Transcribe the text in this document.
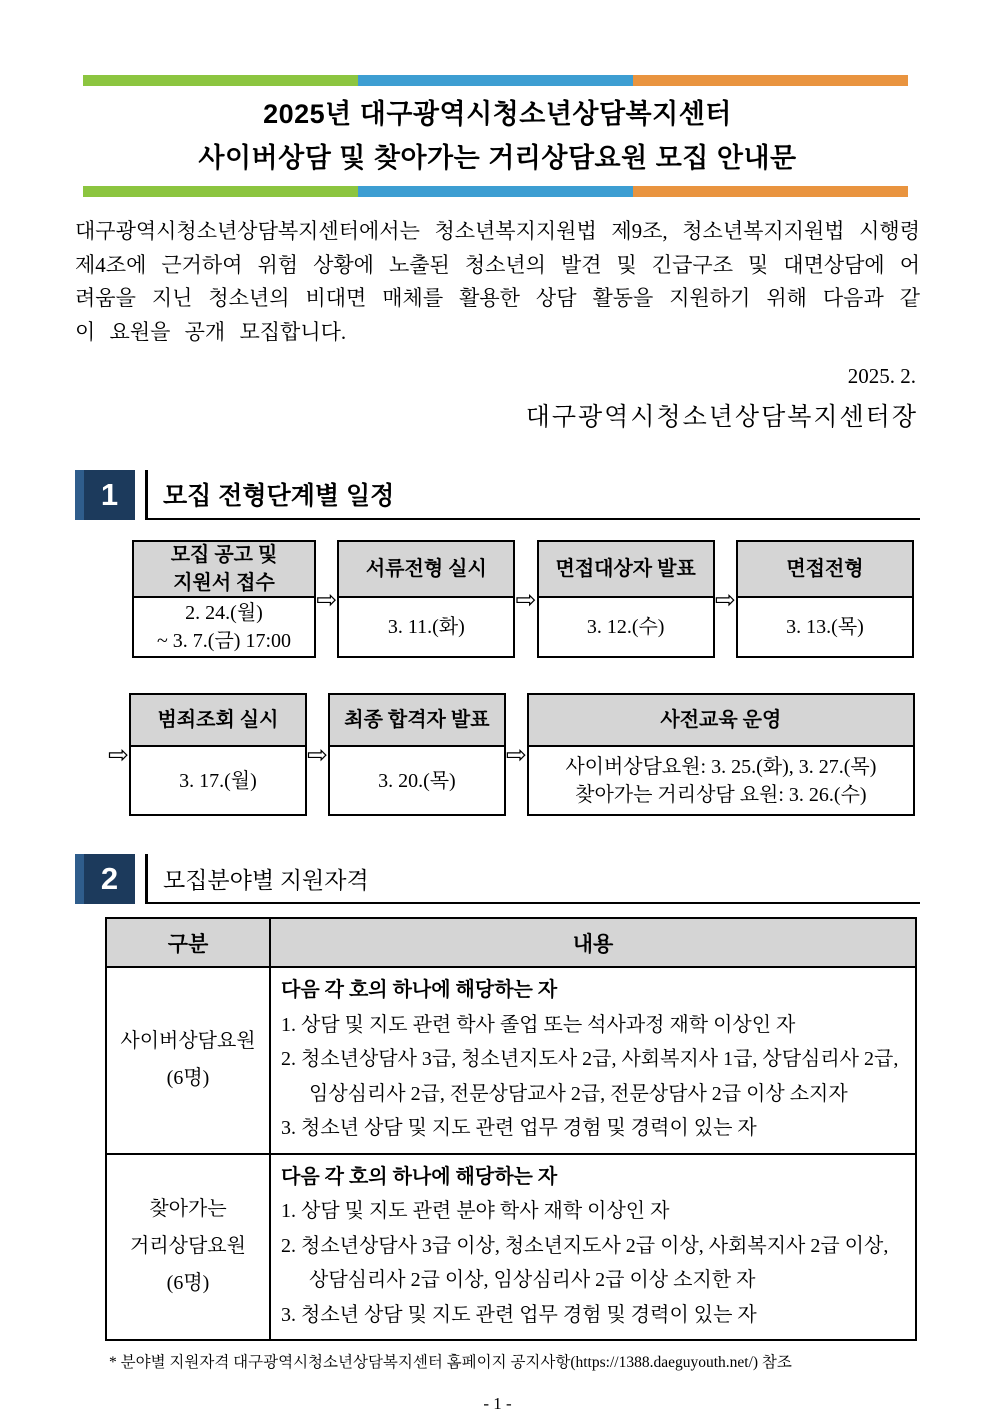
2025년 대구광역시청소년상담복지센터
사이버상담 및 찾아가는 거리상담요원 모집 안내문

대구광역시청소년상담복지센터에서는 청소년복지지원법 제9조, 청소년복지지원법 시행령 제4조에 근거하여 위험 상황에 노출된 청소년의 발견 및 긴급구조 및 대면상담에 어려움을 지닌 청소년의 비대면 매체를 활용한 상담 활동을 지원하기 위해 다음과 같이 요원을 공개 모집합니다.

2025. 2.
대구광역시청소년상담복지센터장
1	모집 전형단계별 일정
모집 공고 및
지원서 접수
2. 24.(월)
~ 3. 7.(금) 17:00
⇨
서류전형 실시
3. 11.(화)
⇨
면접대상자 발표
3. 12.(수)
⇨
면접전형
3. 13.(목)
⇨
범죄조회 실시
3. 17.(월)
⇨
최종 합격자 발표
3. 20.(목)
⇨
사전교육 운영
사이버상담요원: 3. 25.(화), 3. 27.(목)
찾아가는 거리상담 요원: 3. 26.(수)
2	모집분야별 지원자격
구분	내용

사이버상담요원
(6명)

다음 각 호의 하나에 해당하는 자
1. 상담 및 지도 관련 학사 졸업 또는 석사과정 재학 이상인 자
2. 청소년상담사 3급, 청소년지도사 2급, 사회복지사 1급, 상담심리사 2급, 임상심리사 2급, 전문상담교사 2급, 전문상담사 2급 이상 소지자
3. 청소년 상담 및 지도 관련 업무 경험 및 경력이 있는 자

찾아가는
거리상담요원
(6명)

다음 각 호의 하나에 해당하는 자
1. 상담 및 지도 관련 분야 학사 재학 이상인 자
2. 청소년상담사 3급 이상, 청소년지도사 2급 이상, 사회복지사 2급 이상, 상담심리사 2급 이상, 임상심리사 2급 이상 소지한 자
3. 청소년 상담 및 지도 관련 업무 경험 및 경력이 있는 자
* 분야별 지원자격 대구광역시청소년상담복지센터 홈페이지 공지사항(https://1388.daeguyouth.net/) 참조
- 1 -
